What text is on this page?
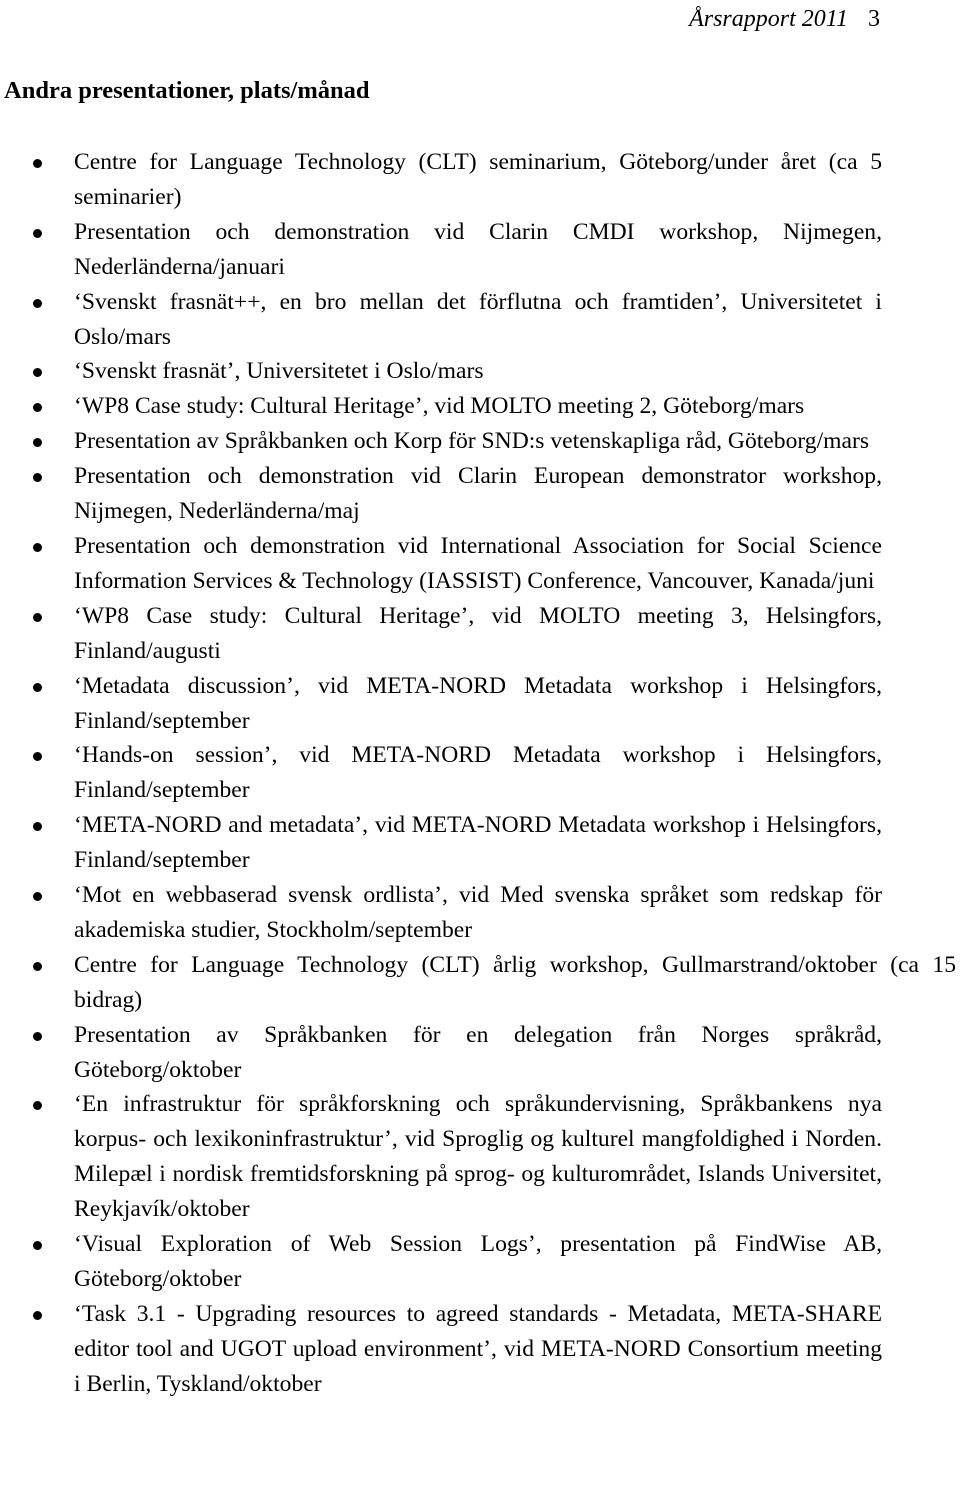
Årsrapport 2011 3
Andra presentationer, plats/månad
Centre for Language Technology (CLT) seminarium, Göteborg/under året (ca 5 seminarier)
Presentation och demonstration vid Clarin CMDI workshop, Nijmegen, Nederländerna/januari
‘Svenskt frasnät++, en bro mellan det förflutna och framtiden’, Universitetet i Oslo/mars
‘Svenskt frasnät’, Universitetet i Oslo/mars
‘WP8 Case study: Cultural Heritage’, vid MOLTO meeting 2, Göteborg/mars
Presentation av Språkbanken och Korp för SND:s vetenskapliga råd, Göteborg/mars
Presentation och demonstration vid Clarin European demonstrator workshop, Nijmegen, Nederländerna/maj
Presentation och demonstration vid International Association for Social Science Information Services & Technology (IASSIST) Conference, Vancouver, Kanada/juni
‘WP8 Case study: Cultural Heritage’, vid MOLTO meeting 3, Helsingfors, Finland/augusti
‘Metadata discussion’, vid META-NORD Metadata workshop i Helsingfors, Finland/september
‘Hands-on session’, vid META-NORD Metadata workshop i Helsingfors, Finland/september
‘META-NORD and metadata’, vid META-NORD Metadata workshop i Helsingfors, Finland/september
‘Mot en webbaserad svensk ordlista’, vid Med svenska språket som redskap för akademiska studier, Stockholm/september
Centre for Language Technology (CLT) årlig workshop, Gullmarstrand/oktober (ca 15 bidrag)
Presentation av Språkbanken för en delegation från Norges språkråd, Göteborg/oktober
‘En infrastruktur för språkforskning och språkundervisning, Språkbankens nya korpus- och lexikoninfrastruktur’, vid Sproglig og kulturel mangfoldighed i Norden. Milepæl i nordisk fremtidsforskning på sprog- og kulturområdet, Islands Universitet, Reykjavík/oktober
‘Visual Exploration of Web Session Logs’, presentation på FindWise AB, Göteborg/oktober
‘Task 3.1 - Upgrading resources to agreed standards - Metadata, META-SHARE editor tool and UGOT upload environment’, vid META-NORD Consortium meeting i Berlin, Tyskland/oktober
